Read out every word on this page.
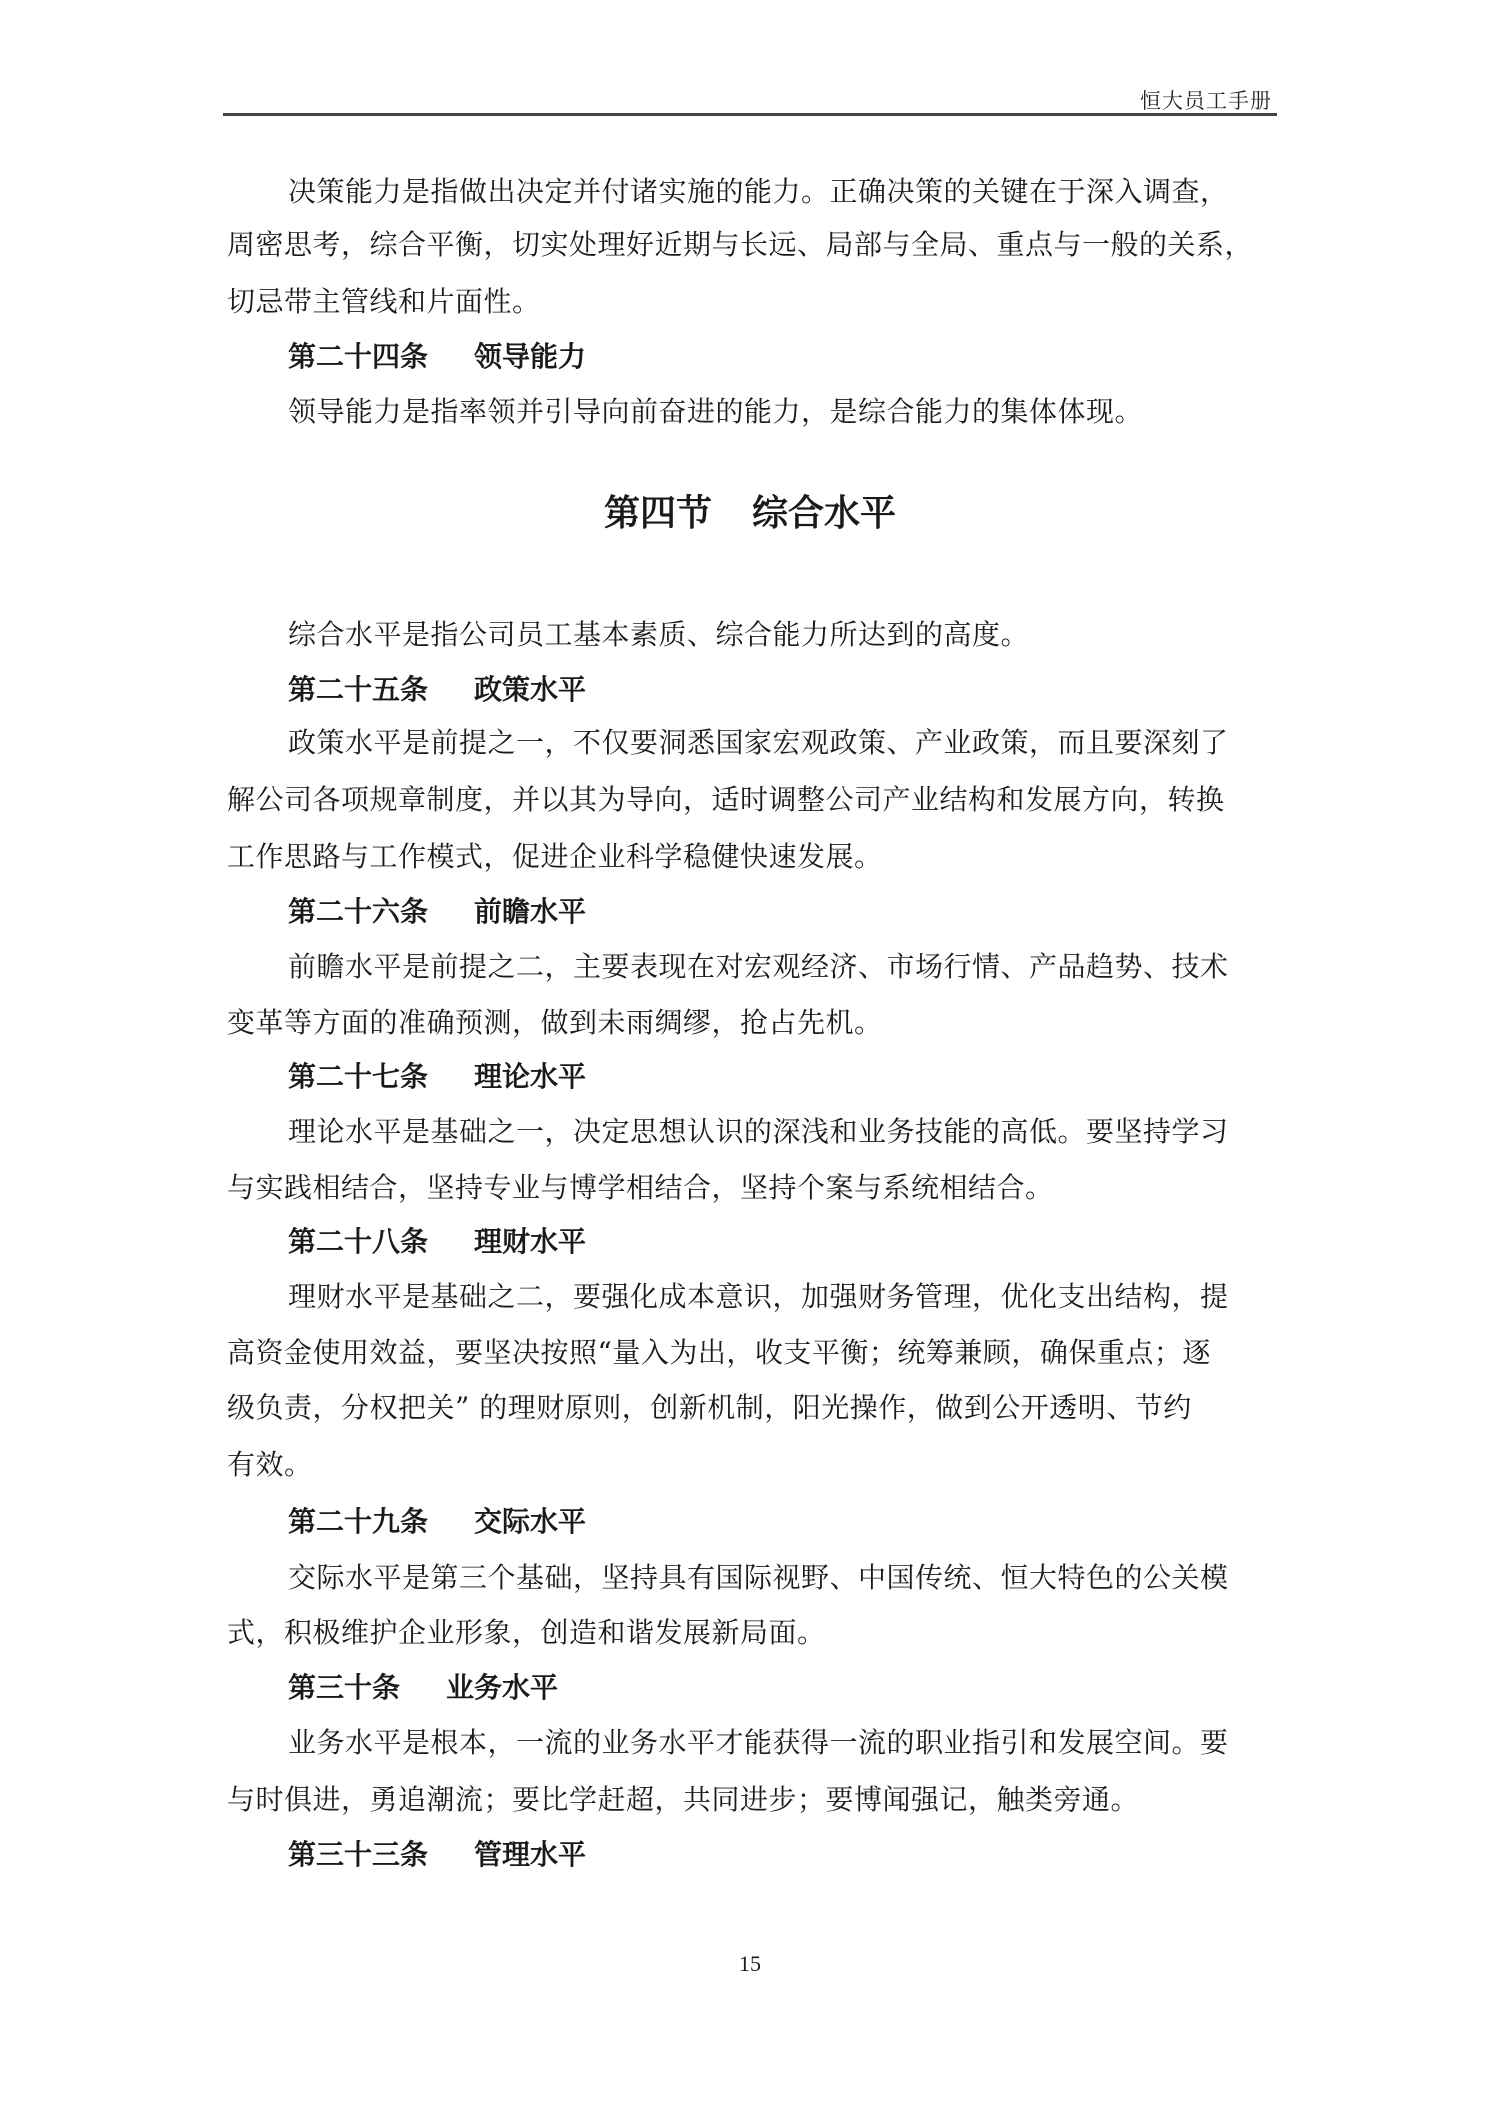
恒大员工手册
第四节 综合水平
决策能力是指做出决定并付诸实施的能力。正确决策的关键在于深入调查，
周密思考，综合平衡，切实处理好近期与长远、局部与全局、重点与一般的关系，
切忌带主管线和片面性。
第二十四条 领导能力
领导能力是指率领并引导向前奋进的能力，是综合能力的集体体现。
综合水平是指公司员工基本素质、综合能力所达到的高度。
第二十五条 政策水平
政策水平是前提之一，不仅要洞悉国家宏观政策、产业政策，而且要深刻了
解公司各项规章制度，并以其为导向，适时调整公司产业结构和发展方向，转换
工作思路与工作模式，促进企业科学稳健快速发展。
第二十六条 前瞻水平
前瞻水平是前提之二，主要表现在对宏观经济、市场行情、产品趋势、技术
变革等方面的准确预测，做到未雨绸缪，抢占先机。
第二十七条 理论水平
理论水平是基础之一，决定思想认识的深浅和业务技能的高低。要坚持学习
与实践相结合，坚持专业与博学相结合，坚持个案与系统相结合。
第二十八条 理财水平
理财水平是基础之二，要强化成本意识，加强财务管理，优化支出结构，提
高资金使用效益，要坚决按照“量入为出，收支平衡；统筹兼顾，确保重点；逐
级负责，分权把关” 的理财原则，创新机制，阳光操作，做到公开透明、节约
有效。
第二十九条 交际水平
交际水平是第三个基础，坚持具有国际视野、中国传统、恒大特色的公关模
式，积极维护企业形象，创造和谐发展新局面。
第三十条 业务水平
业务水平是根本，一流的业务水平才能获得一流的职业指引和发展空间。要
与时俱进，勇追潮流；要比学赶超，共同进步；要博闻强记，触类旁通。
第三十三条 管理水平
15
